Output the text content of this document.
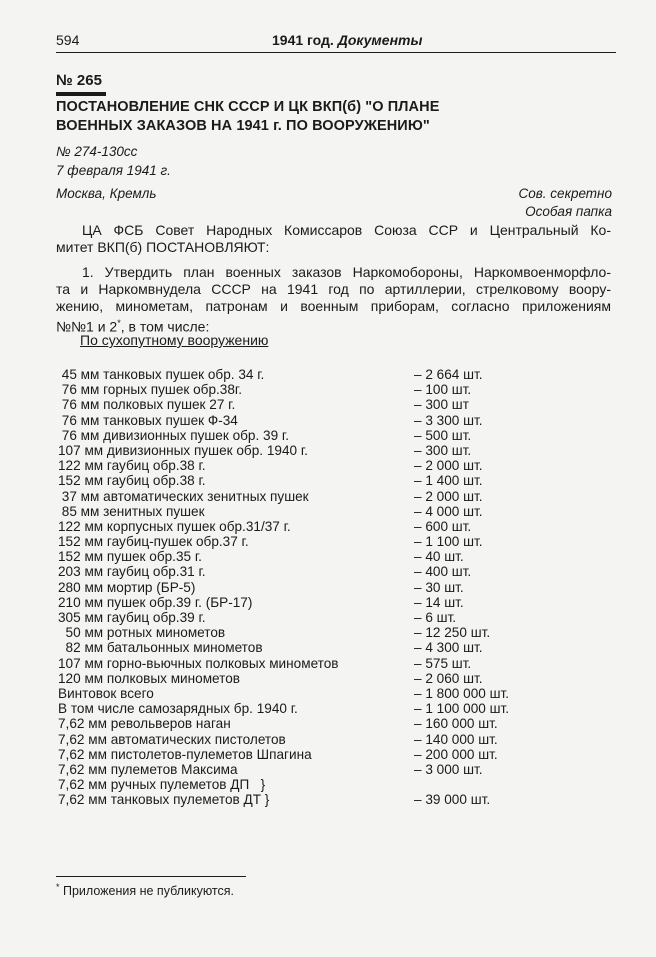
594	1941 год. Документы
№ 265
ПОСТАНОВЛЕНИЕ СНК СССР И ЦК ВКП(б) "О ПЛАНЕ
ВОЕННЫХ ЗАКАЗОВ НА 1941 г. ПО ВООРУЖЕНИЮ"
№ 274-130сс
7 февраля 1941 г.
Москва, Кремль	Сов. секретно
Особая папка
ЦА ФСБ Совет Народных Комиссаров Союза ССР и Центральный Ко-
митет ВКП(б) ПОСТАНОВЛЯЮТ:
1. Утвердить план военных заказов Наркомобороны, Наркомвоенморфло-
та и Наркомвнудела СССР на 1941 год по артиллерии, стрелковому воору-
жению, минометам, патронам и военным приборам, согласно приложениям
№№1 и 2*, в том числе:
По сухопутному вооружению
45 мм танковых пушек обр. 34 г.	– 2 664 шт.
76 мм горных пушек обр.38г.	– 100 шт.
76 мм полковых пушек 27 г.	– 300 шт
76 мм танковых пушек Ф-34	– 3 300 шт.
76 мм дивизионных пушек обр. 39 г.	– 500 шт.
107 мм дивизионных пушек обр. 1940 г.	– 300 шт.
122 мм гаубиц обр.38 г.	– 2 000 шт.
152 мм гаубиц обр.38 г.	– 1 400 шт.
37 мм автоматических зенитных пушек	– 2 000 шт.
85 мм зенитных пушек	– 4 000 шт.
122 мм корпусных пушек обр.31/37 г.	– 600 шт.
152 мм гаубиц-пушек обр.37 г.	– 1 100 шт.
152 мм пушек обр.35 г.	– 40 шт.
203 мм гаубиц обр.31 г.	– 400 шт.
280 мм мортир (БР-5)	– 30 шт.
210 мм пушек обр.39 г. (БР-17)	– 14 шт.
305 мм гаубиц обр.39 г.	– 6 шт.
50 мм ротных минометов	– 12 250 шт.
82 мм батальонных минометов	– 4 300 шт.
107 мм горно-вьючных полковых минометов	– 575 шт.
120 мм полковых минометов	– 2 060 шт.
Винтовок всего	– 1 800 000 шт.
В том числе самозарядных бр. 1940 г.	– 1 100 000 шт.
7,62 мм револьверов наган	– 160 000 шт.
7,62 мм автоматических пистолетов	– 140 000 шт.
7,62 мм пистолетов-пулеметов Шпагина	– 200 000 шт.
7,62 мм пулеметов Максима	– 3 000 шт.
7,62 мм ручных пулеметов ДП   }
7,62 мм танковых пулеметов ДТ }	– 39 000 шт.
* Приложения не публикуются.
